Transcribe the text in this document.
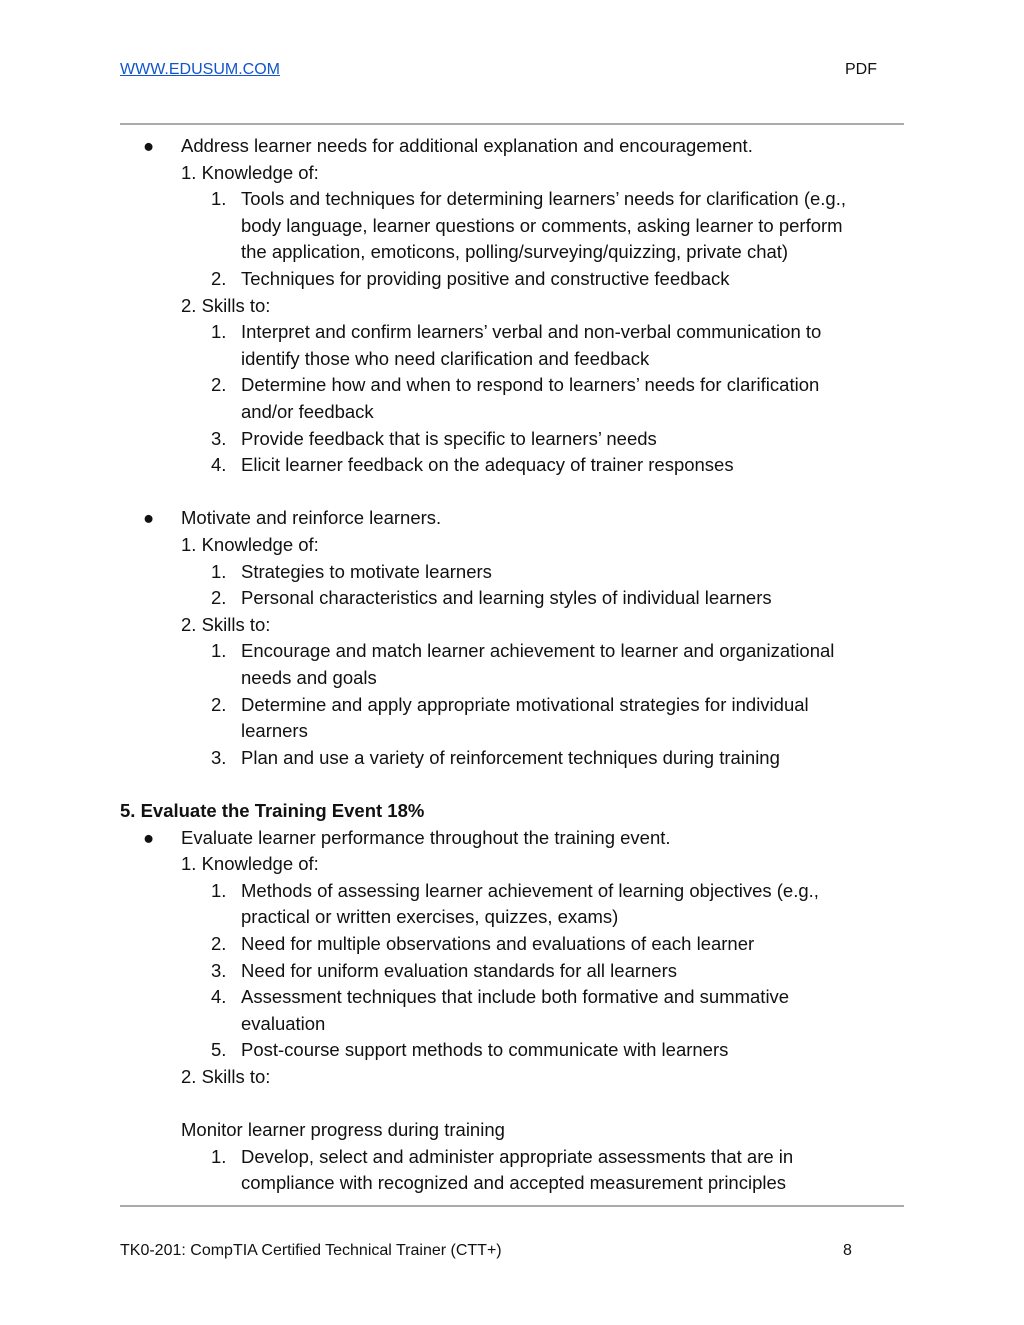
WWW.EDUSUM.COM	PDF
● Address learner needs for additional explanation and encouragement.
1. Knowledge of:
1. Tools and techniques for determining learners’ needs for clarification (e.g.,
body language, learner questions or comments, asking learner to perform
the application, emoticons, polling/surveying/quizzing, private chat)
2. Techniques for providing positive and constructive feedback
2. Skills to:
1. Interpret and confirm learners’ verbal and non-verbal communication to
identify those who need clarification and feedback
2. Determine how and when to respond to learners’ needs for clarification
and/or feedback
3. Provide feedback that is specific to learners’ needs
4. Elicit learner feedback on the adequacy of trainer responses
● Motivate and reinforce learners.
1. Knowledge of:
1. Strategies to motivate learners
2. Personal characteristics and learning styles of individual learners
2. Skills to:
1. Encourage and match learner achievement to learner and organizational
needs and goals
2. Determine and apply appropriate motivational strategies for individual
learners
3. Plan and use a variety of reinforcement techniques during training
5. Evaluate the Training Event 18%
● Evaluate learner performance throughout the training event.
1. Knowledge of:
1. Methods of assessing learner achievement of learning objectives (e.g.,
practical or written exercises, quizzes, exams)
2. Need for multiple observations and evaluations of each learner
3. Need for uniform evaluation standards for all learners
4. Assessment techniques that include both formative and summative
evaluation
5. Post-course support methods to communicate with learners
2. Skills to:
Monitor learner progress during training
1. Develop, select and administer appropriate assessments that are in
compliance with recognized and accepted measurement principles
TK0-201: CompTIA Certified Technical Trainer (CTT+)	8
